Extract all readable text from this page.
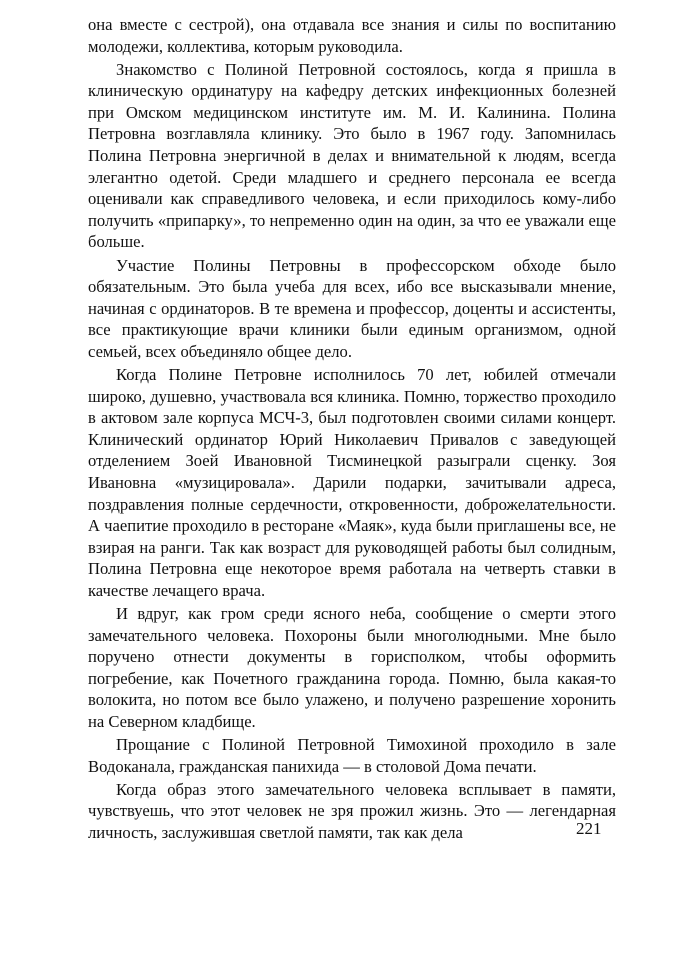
она вместе с сестрой), она отдавала все знания и силы по воспитанию молодежи, коллектива, которым руководила.

Знакомство с Полиной Петровной состоялось, когда я пришла в клиническую ординатуру на кафедру детских инфекционных болезней при Омском медицинском институте им. М. И. Калинина. Полина Петровна возглавляла клинику. Это было в 1967 году. Запомнилась Полина Петровна энергичной в делах и внимательной к людям, всегда элегантно одетой. Среди младшего и среднего персонала ее всегда оценивали как справедливого человека, и если приходилось кому-либо получить «припарку», то непременно один на один, за что ее уважали еще больше.

Участие Полины Петровны в профессорском обходе было обязательным. Это была учеба для всех, ибо все высказывали мнение, начиная с ординаторов. В те времена и профессор, доценты и ассистенты, все практикующие врачи клиники были единым организмом, одной семьей, всех объединяло общее дело.

Когда Полине Петровне исполнилось 70 лет, юбилей отмечали широко, душевно, участвовала вся клиника. Помню, торжество проходило в актовом зале корпуса МСЧ-3, был подготовлен своими силами концерт. Клинический ординатор Юрий Николаевич Привалов с заведующей отделением Зоей Ивановной Тисминецкой разыграли сценку. Зоя Ивановна «музицировала». Дарили подарки, зачитывали адреса, поздравления полные сердечности, откровенности, доброжелательности. А чаепитие проходило в ресторане «Маяк», куда были приглашены все, не взирая на ранги. Так как возраст для руководящей работы был солидным, Полина Петровна еще некоторое время работала на четверть ставки в качестве лечащего врача.

И вдруг, как гром среди ясного неба, сообщение о смерти этого замечательного человека. Похороны были многолюдными. Мне было поручено отнести документы в горисполком, чтобы оформить погребение, как Почетного гражданина города. Помню, была какая-то волокита, но потом все было улажено, и получено разрешение хоронить на Северном кладбище.

Прощание с Полиной Петровной Тимохиной проходило в зале Водоканала, гражданская панихида — в столовой Дома печати.

Когда образ этого замечательного человека всплывает в памяти, чувствуешь, что этот человек не зря прожил жизнь. Это — легендарная личность, заслужившая светлой памяти, так как дела	221
